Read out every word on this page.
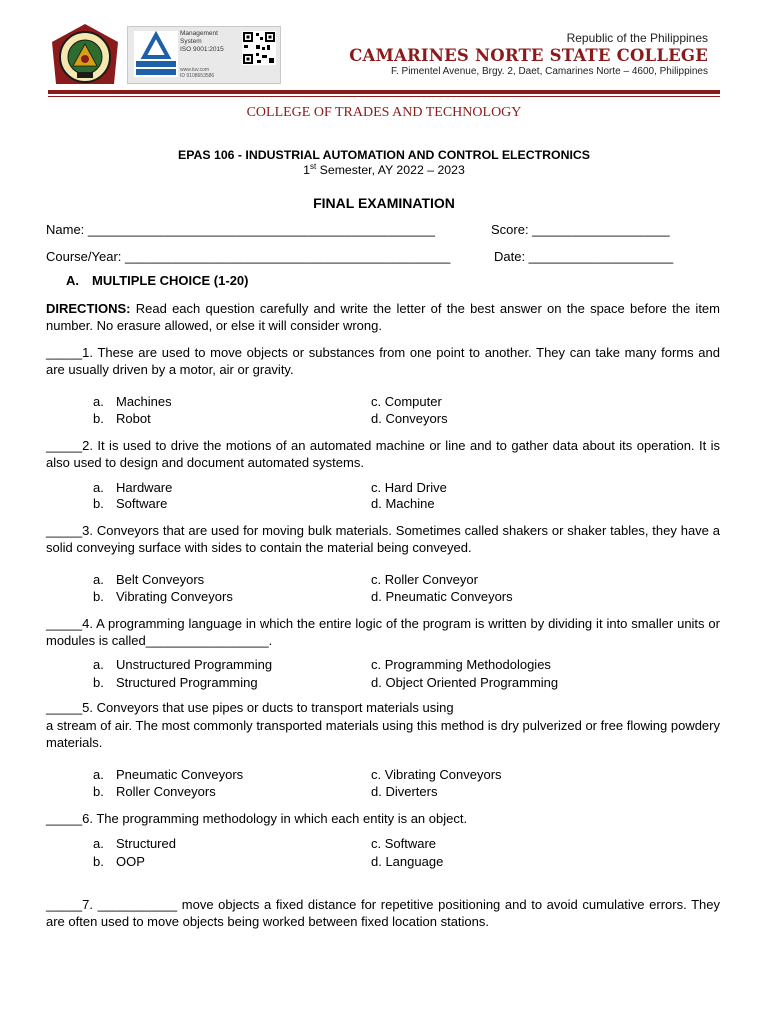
Management
System
ISO 9001:2015
www.tuv.com
ID 9108653586
Republic of the Philippines
CAMARINES NORTE STATE COLLEGE
F. Pimentel Avenue, Brgy. 2, Daet, Camarines Norte – 4600, Philippines
COLLEGE OF TRADES AND TECHNOLOGY
EPAS 106 - INDUSTRIAL AUTOMATION AND CONTROL ELECTRONICS
1st Semester, AY 2022 – 2023
FINAL EXAMINATION
Name: ________________________________________________	Score: ___________________
Course/Year: _____________________________________________	Date: ____________________
A. MULTIPLE CHOICE (1-20)
DIRECTIONS: Read each question carefully and write the letter of the best answer on the space before the item number. No erasure allowed, or else it will consider wrong.
_____1. These are used to move objects or substances from one point to another. They can take many forms and are usually driven by a motor, air or gravity.
a. Machines
b. Robot
c. Computer
d. Conveyors
_____2. It is used to drive the motions of an automated machine or line and to gather data about its operation. It is also used to design and document automated systems.
a. Hardware
b. Software
c. Hard Drive
d. Machine
_____3. Conveyors that are used for moving bulk materials. Sometimes called shakers or shaker tables, they have a solid conveying surface with sides to contain the material being conveyed.
a. Belt Conveyors
b. Vibrating Conveyors
c. Roller Conveyor
d. Pneumatic Conveyors
_____4. A programming language in which the entire logic of the program is written by dividing it into smaller units or modules is called_________________.
a. Unstructured Programming
b. Structured Programming
c. Programming Methodologies
d. Object Oriented Programming
_____5. Conveyors that use pipes or ducts to transport materials using
a stream of air. The most commonly transported materials using this method is dry pulverized or free flowing powdery materials.
a. Pneumatic Conveyors
b. Roller Conveyors
c. Vibrating Conveyors
d. Diverters
_____6. The programming methodology in which each entity is an object.
a. Structured
b. OOP
c. Software
d. Language
_____7. ___________ move objects a fixed distance for repetitive positioning and to avoid cumulative errors. They are often used to move objects being worked between fixed location stations.
